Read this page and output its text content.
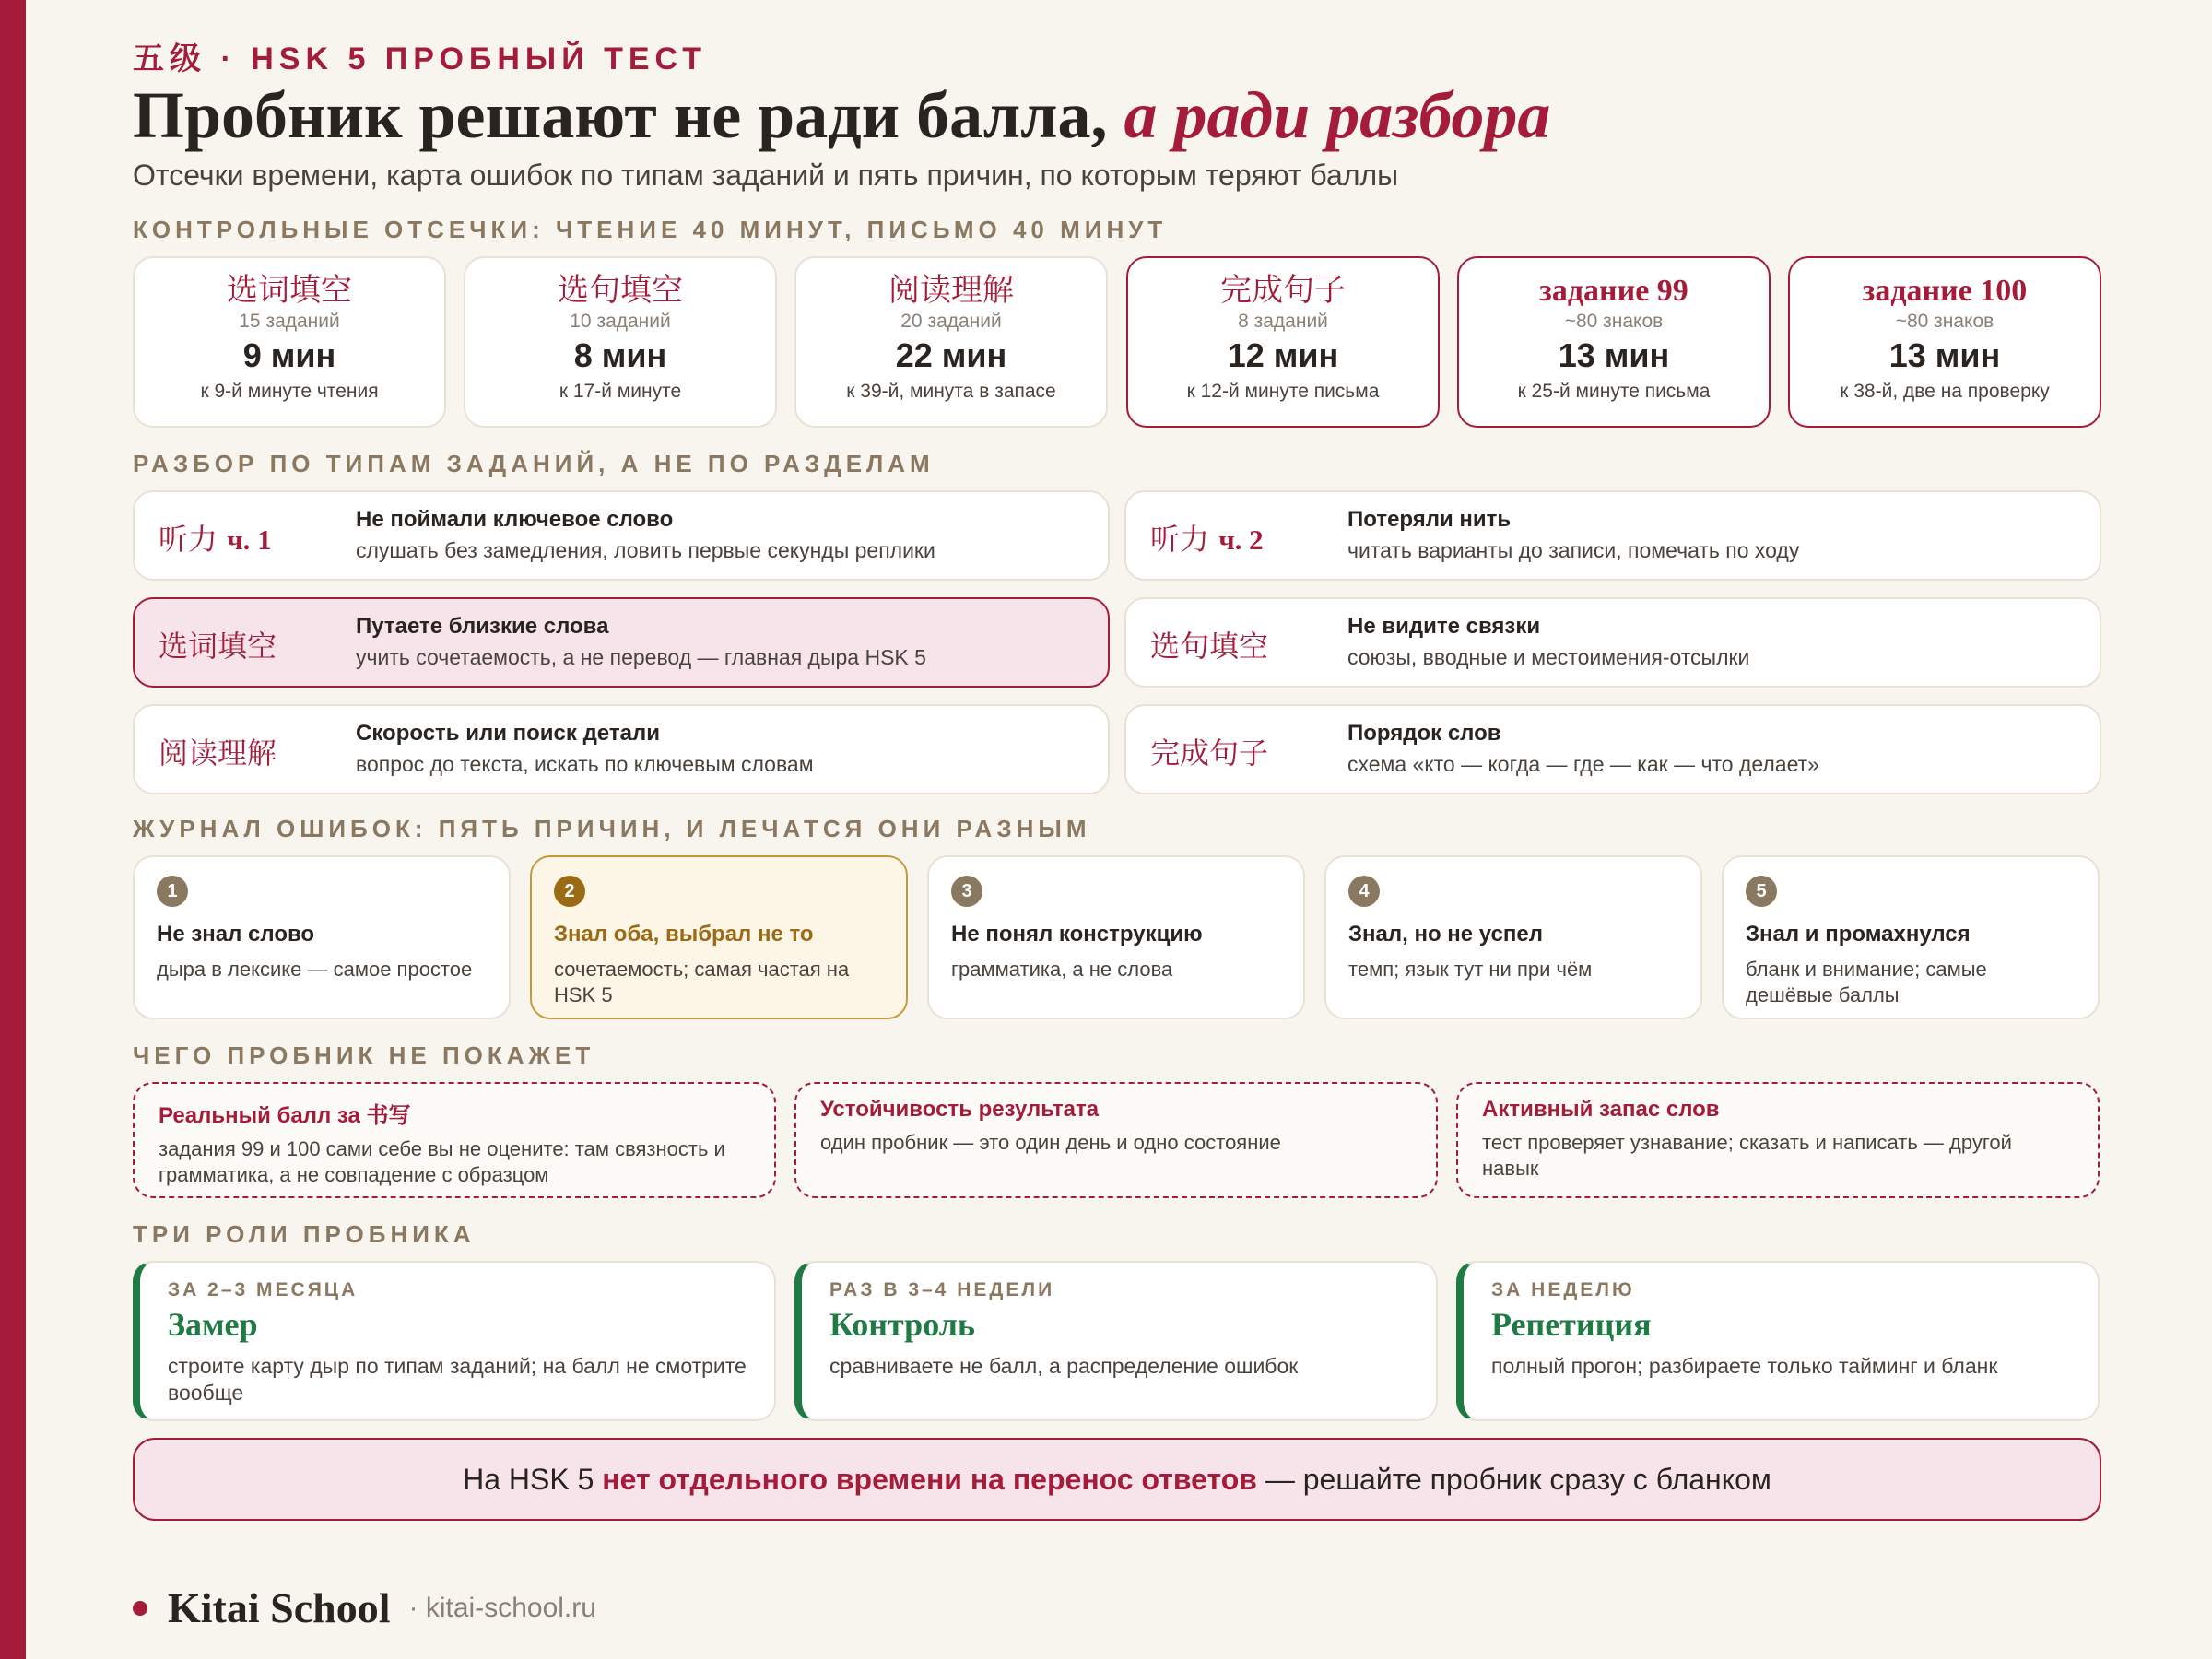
五级 · HSK 5 ПРОБНЫЙ ТЕСТ
Пробник решают не ради балла, а ради разбора
Отсечки времени, карта ошибок по типам заданий и пять причин, по которым теряют баллы
КОНТРОЛЬНЫЕ ОТСЕЧКИ: ЧТЕНИЕ 40 МИНУТ, ПИСЬМО 40 МИНУТ
选词填空
15 заданий
9 мин
к 9-й минуте чтения
选句填空
10 заданий
8 мин
к 17-й минуте
阅读理解
20 заданий
22 мин
к 39-й, минута в запасе
完成句子
8 заданий
12 мин
к 12-й минуте письма
задание 99
~80 знаков
13 мин
к 25-й минуте письма
задание 100
~80 знаков
13 мин
к 38-й, две на проверку
РАЗБОР ПО ТИПАМ ЗАДАНИЙ, А НЕ ПО РАЗДЕЛАМ
听力 ч. 1
Не поймали ключевое слово
слушать без замедления, ловить первые секунды реплики	听力 ч. 2
Потеряли нить
читать варианты до записи, помечать по ходу
选词填空
Путаете близкие слова
учить сочетаемость, а не перевод — главная дыра HSK 5	选句填空
Не видите связки
союзы, вводные и местоимения-отсылки
阅读理解
Скорость или поиск детали
вопрос до текста, искать по ключевым словам	完成句子
Порядок слов
схема «кто — когда — где — как — что делает»
ЖУРНАЛ ОШИБОК: ПЯТЬ ПРИЧИН, И ЛЕЧАТСЯ ОНИ РАЗНЫМ
1
Не знал слово
дыра в лексике — самое простое
2
Знал оба, выбрал не то
сочетаемость; самая частая на HSK 5
3
Не понял конструкцию
грамматика, а не слова
4
Знал, но не успел
темп; язык тут ни при чём
5
Знал и промахнулся
бланк и внимание; самые дешёвые баллы
ЧЕГО ПРОБНИК НЕ ПОКАЖЕТ
Реальный балл за 书写
задания 99 и 100 сами себе вы не оцените: там связность и грамматика, а не совпадение с образцом
Устойчивость результата
один пробник — это один день и одно состояние
Активный запас слов
тест проверяет узнавание; сказать и написать — другой навык
ТРИ РОЛИ ПРОБНИКА
ЗА 2–3 МЕСЯЦА
Замер
строите карту дыр по типам заданий; на балл не смотрите вообще
РАЗ В 3–4 НЕДЕЛИ
Контроль
сравниваете не балл, а распределение ошибок
ЗА НЕДЕЛЮ
Репетиция
полный прогон; разбираете только тайминг и бланк
На HSK 5 нет отдельного времени на перенос ответов — решайте пробник сразу с бланком
Kitai School · kitai-school.ru
